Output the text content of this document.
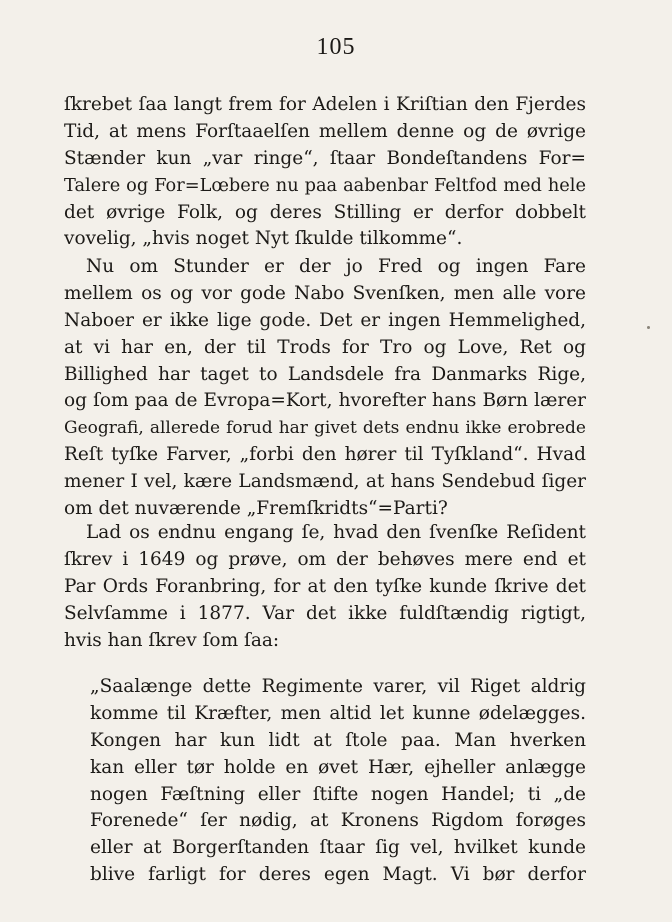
105
ſkrebet ſaa langt frem for Adelen i Kriſtian den Fjerdes
Tid, at mens Forſtaaelſen mellem denne og de øvrige
Stænder kun „var ringe“, ſtaar Bondeſtandens For=
Talere og For=Lœbere nu paa aabenbar Feltfod med hele
det øvrige Folk, og deres Stilling er derfor dobbelt
vovelig, „hvis noget Nyt ſkulde tilkomme“.
Nu om Stunder er der jo Fred og ingen Fare
mellem os og vor gode Nabo Svenſken, men alle vore
Naboer er ikke lige gode. Det er ingen Hemmelighed,
at vi har en, der til Trods for Tro og Love, Ret og
Billighed har taget to Landsdele fra Danmarks Rige,
og ſom paa de Evropa=Kort, hvorefter hans Børn lærer
Geografi, allerede forud har givet dets endnu ikke erobrede
Reſt tyſke Farver, „forbi den hører til Tyſkland“. Hvad
mener I vel, kære Landsmænd, at hans Sendebud ſiger
om det nuværende „Fremſkridts“=Parti?
Lad os endnu engang ſe, hvad den ſvenſke Reſident
ſkrev i 1649 og prøve, om der behøves mere end et
Par Ords Foranbring, for at den tyſke kunde ſkrive det
Selvſamme i 1877. Var det ikke fuldſtændig rigtigt,
hvis han ſkrev ſom ſaa:
„Saalænge dette Regimente varer, vil Riget aldrig
komme til Kræfter, men altid let kunne ødelægges.
Kongen har kun lidt at ſtole paa. Man hverken
kan eller tør holde en øvet Hær, ejheller anlægge
nogen Fæſtning eller ſtifte nogen Handel; ti „de
Forenede“ ſer nødig, at Kronens Rigdom forøges
eller at Borgerſtanden ſtaar ſig vel, hvilket kunde
blive farligt for deres egen Magt. Vi bør derfor
